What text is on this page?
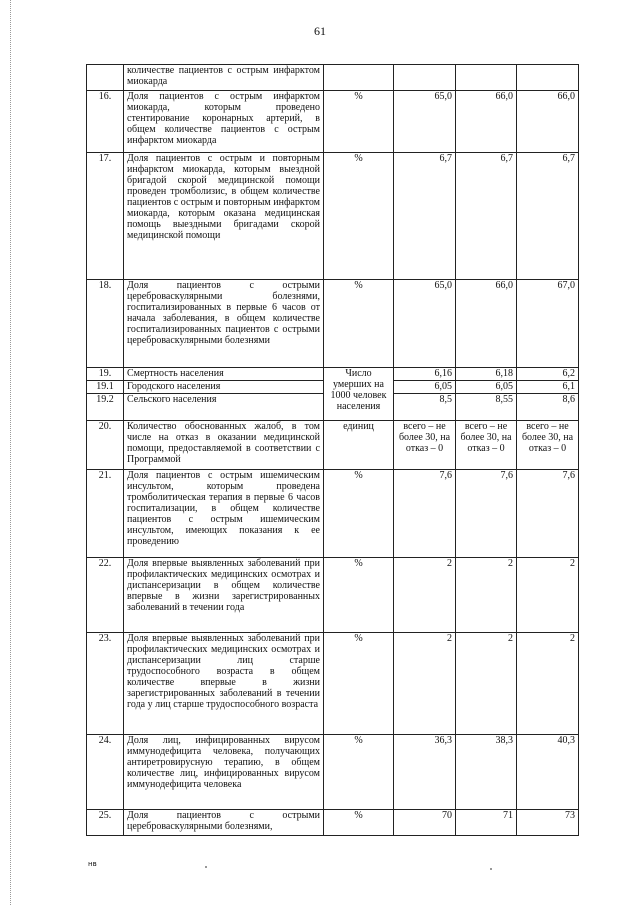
61
	количестве пациентов с острым инфарктом миокарда				
16.	Доля пациентов с острым инфарктом миокарда, которым проведено стентирование коронарных артерий, в общем количестве пациентов с острым инфарктом миокарда	%	65,0	66,0	66,0
17.	Доля пациентов с острым и повторным инфарктом миокарда, которым выездной бригадой скорой медицинской помощи проведен тромболизис, в общем количестве пациентов с острым и повторным инфарктом миокарда, которым оказана медицинская помощь выездными бригадами скорой медицинской помощи	%	6,7	6,7	6,7
18.	Доля пациентов с острыми цереброваскулярными болезнями, госпитализированных в первые 6 часов от начала заболевания, в общем количестве госпитализированных пациентов с острыми цереброваскулярными болезнями	%	65,0	66,0	67,0
19.	Смертность населения	Число умерших на 1000 человек населения	6,16	6,18	6,2
19.1	Городского населения		6,05	6,05	6,1
19.2	Сельского населения		8,5	8,55	8,6
20.	Количество обоснованных жалоб, в том числе на отказ в оказании медицинской помощи, предоставляемой в соответствии с Программой	единиц	всего – не более 30, на отказ – 0	всего – не более 30, на отказ – 0	всего – не более 30, на отказ – 0
21.	Доля пациентов с острым ишемическим инсультом, которым проведена тромболитическая терапия в первые 6 часов госпитализации, в общем количестве пациентов с острым ишемическим инсультом, имеющих показания к ее проведению	%	7,6	7,6	7,6
22.	Доля впервые выявленных заболеваний при профилактических медицинских осмотрах и диспансеризации в общем количестве впервые в жизни зарегистрированных заболеваний в течении года	%	2	2	2
23.	Доля впервые выявленных заболеваний при профилактических медицинских осмотрах и диспансеризации лиц старше трудоспособного возраста в общем количестве впервые в жизни зарегистрированных заболеваний в течении года у лиц старше трудоспособного возраста	%	2	2	2
24.	Доля лиц, инфицированных вирусом иммунодефицита человека, получающих антиретровирусную терапию, в общем количестве лиц, инфицированных вирусом иммунодефицита человека	%	36,3	38,3	40,3
25.	Доля пациентов с острыми цереброваскулярными болезнями,	%	70	71	73
нв
